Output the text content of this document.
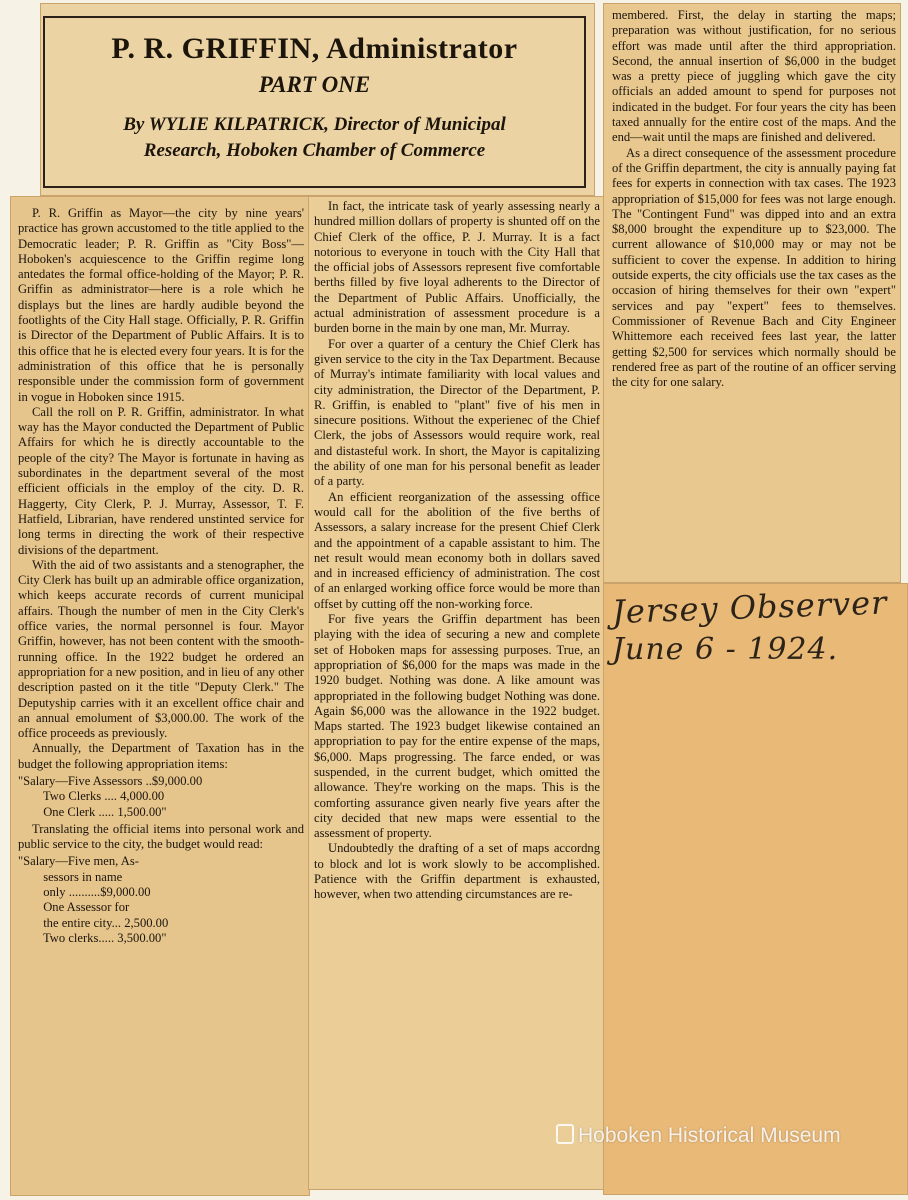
P. R. GRIFFIN, Administrator
PART ONE
By WYLIE KILPATRICK, Director of Municipal
Research, Hoboken Chamber of Commerce

P. R. Griffin as Mayor—the city by nine years' practice has grown accustomed to the title applied to the Democratic leader; P. R. Griffin as "City Boss"—Hoboken's acquiescence to the Griffin regime long antedates the formal office-holding of the Mayor; P. R. Griffin as administrator—here is a role which he displays but the lines are hardly audible beyond the footlights of the City Hall stage. Officially, P. R. Griffin is Director of the Department of Public Affairs. It is to this office that he is elected every four years. It is for the administration of this office that he is personally responsible under the commission form of government in vogue in Hoboken since 1915.

Call the roll on P. R. Griffin, administrator. In what way has the Mayor conducted the Department of Public Affairs for which he is directly accountable to the people of the city? The Mayor is fortunate in having as subordinates in the department several of the most efficient officials in the employ of the city. D. R. Haggerty, City Clerk, P. J. Murray, Assessor, T. F. Hatfield, Librarian, have rendered unstinted service for long terms in directing the work of their respective divisions of the department.

With the aid of two assistants and a stenographer, the City Clerk has built up an admirable office organization, which keeps accurate records of current municipal affairs. Though the number of men in the City Clerk's office varies, the normal personnel is four. Mayor Griffin, however, has not been content with the smooth-running office. In the 1922 budget he ordered an appropriation for a new position, and in lieu of any other description pasted on it the title "Deputy Clerk." The Deputyship carries with it an excellent office chair and an annual emolument of $3,000.00. The work of the office proceeds as previously.

Annually, the Department of Taxation has in the budget the following appropriation items:

"Salary—Five Assessors ..$9,000.00
Two Clerks .... 4,000.00
One Clerk ..... 1,500.00"

Translating the official items into personal work and public service to the city, the budget would read:

"Salary—Five men, As-
sessors in name
only ..........$9,000.00
One Assessor for
the entire city... 2,500.00
Two clerks..... 3,500.00"

In fact, the intricate task of yearly assessing nearly a hundred million dollars of property is shunted off on the Chief Clerk of the office, P. J. Murray. It is a fact notorious to everyone in touch with the City Hall that the official jobs of Assessors represent five comfortable berths filled by five loyal adherents to the Director of the Department of Public Affairs. Unofficially, the actual administration of assessment procedure is a burden borne in the main by one man, Mr. Murray.

For over a quarter of a century the Chief Clerk has given service to the city in the Tax Department. Because of Murray's intimate familiarity with local values and city administration, the Director of the Department, P. R. Griffin, is enabled to "plant" five of his men in sinecure positions. Without the experienec of the Chief Clerk, the jobs of Assessors would require work, real and distasteful work. In short, the Mayor is capitalizing the ability of one man for his personal benefit as leader of a party.

An efficient reorganization of the assessing office would call for the abolition of the five berths of Assessors, a salary increase for the present Chief Clerk and the appointment of a capable assistant to him. The net result would mean economy both in dollars saved and in increased efficiency of administration. The cost of an enlarged working office force would be more than offset by cutting off the non-working force.

For five years the Griffin department has been playing with the idea of securing a new and complete set of Hoboken maps for assessing purposes. True, an appropriation of $6,000 for the maps was made in the 1920 budget. Nothing was done. A like amount was appropriated in the following budget Nothing was done. Again $6,000 was the allowance in the 1922 budget. Maps started. The 1923 budget likewise contained an appropriation to pay for the entire expense of the maps, $6,000. Maps progressing. The farce ended, or was suspended, in the current budget, which omitted the allowance. They're working on the maps. This is the comforting assurance given nearly five years after the city decided that new maps were essential to the assessment of property.

Undoubtedly the drafting of a set of maps accordng to block and lot is work slowly to be accomplished. Patience with the Griffin department is exhausted, however, when two attending circumstances are re-

membered. First, the delay in starting the maps; preparation was without justification, for no serious effort was made until after the third appropriation. Second, the annual insertion of $6,000 in the budget was a pretty piece of juggling which gave the city officials an added amount to spend for purposes not indicated in the budget. For four years the city has been taxed annually for the entire cost of the maps. And the end—wait until the maps are finished and delivered.

As a direct consequence of the assessment procedure of the Griffin department, the city is annually paying fat fees for experts in connection with tax cases. The 1923 appropriation of $15,000 for fees was not large enough. The "Contingent Fund" was dipped into and an extra $8,000 brought the expenditure up to $23,000. The current allowance of $10,000 may or may not be sufficient to cover the expense. In addition to hiring outside experts, the city officials use the tax cases as the occasion of hiring themselves for their own "expert" services and pay "expert" fees to themselves. Commissioner of Revenue Bach and City Engineer Whittemore each received fees last year, the latter getting $2,500 for services which normally should be rendered free as part of the routine of an officer serving the city for one salary.

Jersey Observer
June 6 - 1924.
Hoboken Historical Museum
